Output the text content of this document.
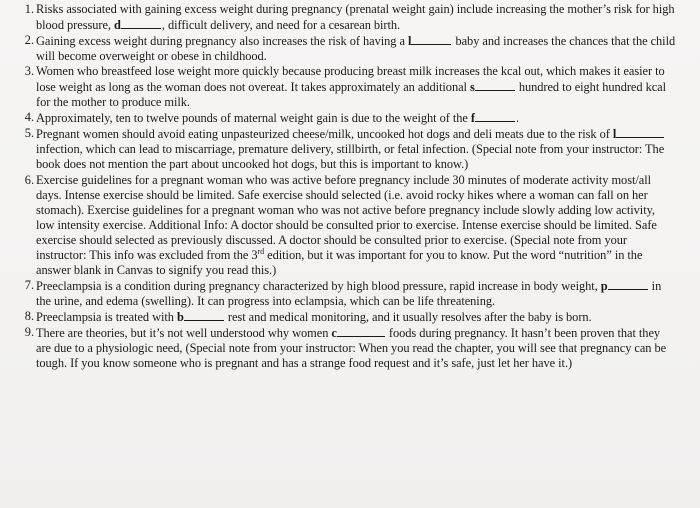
1. Risks associated with gaining excess weight during pregnancy (prenatal weight gain) include increasing the mother’s risk for high blood pressure, d	, difficult delivery, and need for a cesarean birth.
2. Gaining excess weight during pregnancy also increases the risk of having a l	baby and increases the chances that the child will become overweight or obese in childhood.
3. Women who breastfeed lose weight more quickly because producing breast milk increases the kcal out, which makes it easier to lose weight as long as the woman does not overeat. It takes approximately an additional s	hundred to eight hundred kcal for the mother to produce milk.
4. Approximately, ten to twelve pounds of maternal weight gain is due to the weight of the f	.
5. Pregnant women should avoid eating unpasteurized cheese/milk, uncooked hot dogs and deli meats due to the risk of l infection, which can lead to miscarriage, premature delivery, stillbirth, or fetal infection. (Special note from your instructor: The book does not mention the part about uncooked hot dogs, but this is important to know.)
6. Exercise guidelines for a pregnant woman who was active before pregnancy include 30 minutes of moderate activity most/all days. Intense exercise should be limited. Safe exercise should selected (i.e. avoid rocky hikes where a woman can fall on her stomach). Exercise guidelines for a pregnant woman who was not active before pregnancy include slowly adding low activity, low intensity exercise. Additional Info: A doctor should be consulted prior to exercise. Intense exercise should be limited. Safe exercise should selected as previously discussed. A doctor should be consulted prior to exercise. (Special note from your instructor: This info was excluded from the 3rd edition, but it was important for you to know. Put the word “nutrition” in the answer blank in Canvas to signify you read this.)
7. Preeclampsia is a condition during pregnancy characterized by high blood pressure, rapid increase in body weight, p	in the urine, and edema (swelling). It can progress into eclampsia, which can be life threatening.
8. Preeclampsia is treated with b	rest and medical monitoring, and it usually resolves after the baby is born.
9. There are theories, but it’s not well understood why women c	foods during pregnancy. It hasn’t been proven that they are due to a physiologic need, (Special note from your instructor: When you read the chapter, you will see that pregnancy can be tough. If you know someone who is pregnant and has a strange food request and it’s safe, just let her have it.)
